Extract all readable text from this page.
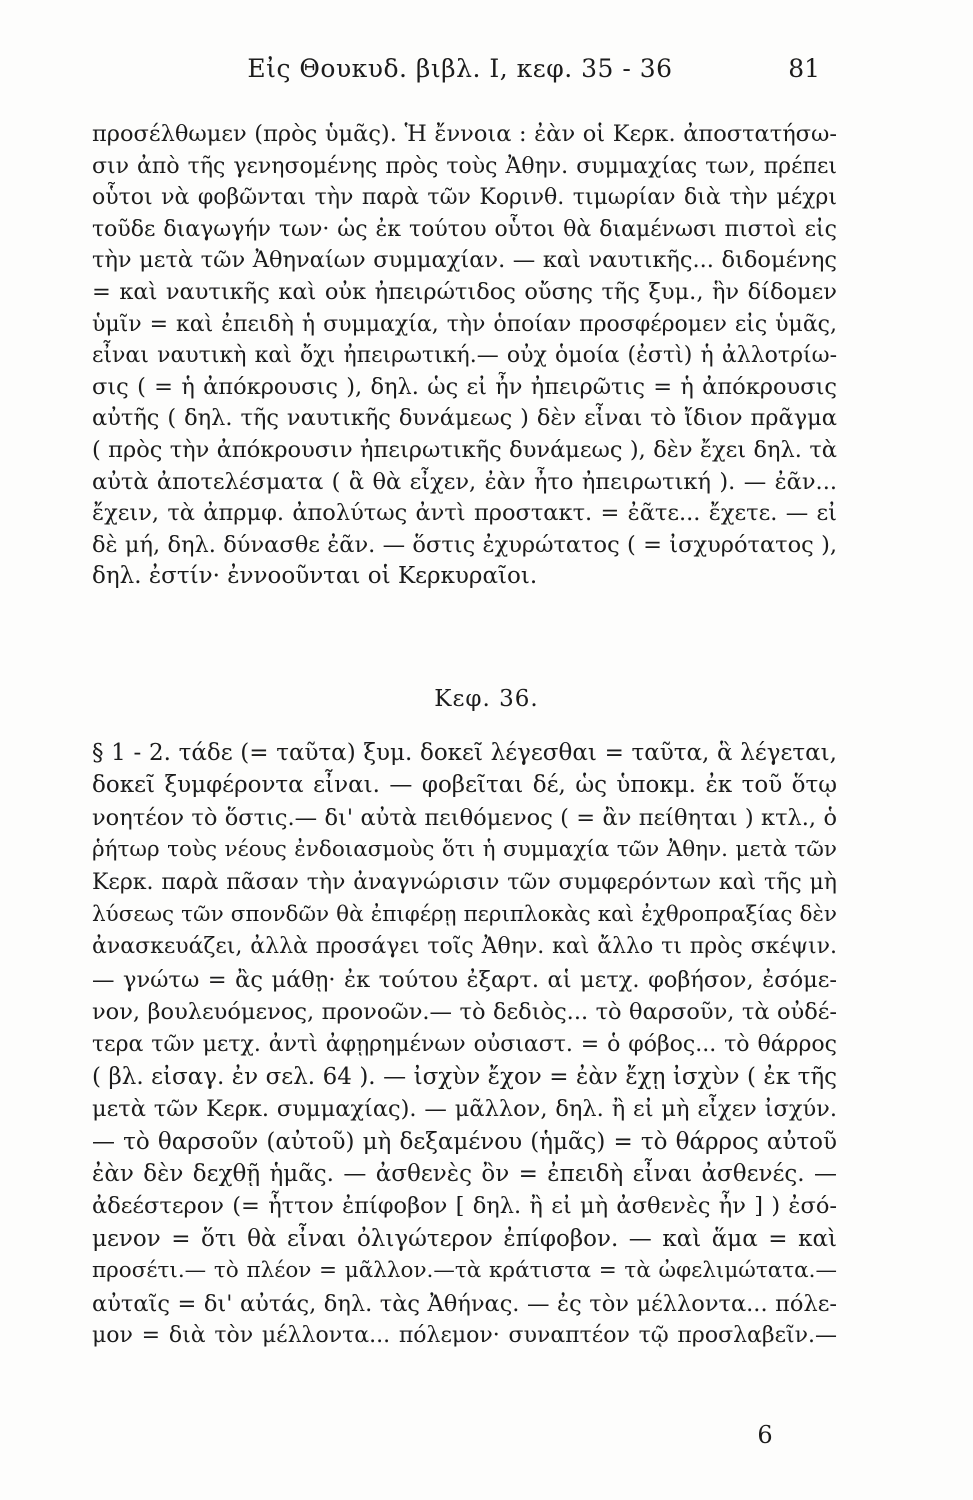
Εἰς Θουκυδ. βιβλ. Ι, κεφ. 35 - 36	81
προσέλθωμεν (πρὸς ὑμᾶς). Ἡ ἔννοια : ἐὰν οἱ Κερκ. ἀποστατήσω-
σιν ἀπὸ τῆς γενησομένης πρὸς τοὺς Ἀθην. συμμαχίας των, πρέπει
οὗτοι νὰ φοβῶνται τὴν παρὰ τῶν Κορινθ. τιμωρίαν διὰ τὴν μέχρι
τοῦδε διαγωγήν των· ὡς ἐκ τούτου οὗτοι θὰ διαμένωσι πιστοὶ εἰς
τὴν μετὰ τῶν Ἀθηναίων συμμαχίαν. — καὶ ναυτικῆς... διδομένης
= καὶ ναυτικῆς καὶ οὐκ ἠπειρώτιδος οὔσης τῆς ξυμ., ἣν δίδομεν
ὑμῖν = καὶ ἐπειδὴ ἡ συμμαχία, τὴν ὁποίαν προσφέρομεν εἰς ὑμᾶς,
εἶναι ναυτικὴ καὶ ὄχι ἠπειρωτική.— οὐχ ὁμοία (ἐστὶ) ἡ ἀλλοτρίω-
σις ( = ἡ ἀπόκρουσις ), δηλ. ὡς εἰ ἦν ἠπειρῶτις = ἡ ἀπόκρουσις
αὐτῆς ( δηλ. τῆς ναυτικῆς δυνάμεως ) δὲν εἶναι τὸ ἴδιον πρᾶγμα
( πρὸς τὴν ἀπόκρουσιν ἠπειρωτικῆς δυνάμεως ), δὲν ἔχει δηλ. τὰ
αὐτὰ ἀποτελέσματα ( ἃ θὰ εἶχεν, ἐὰν ἦτο ἠπειρωτική ). — ἐᾶν...
ἔχειν, τὰ ἀπρμφ. ἀπολύτως ἀντὶ προστακτ. = ἐᾶτε... ἔχετε. — εἰ
δὲ μή, δηλ. δύνασθε ἐᾶν. — ὅστις ἐχυρώτατος ( = ἰσχυρότατος ),
δηλ. ἐστίν· ἐννοοῦνται οἱ Κερκυραῖοι.
Κεφ. 36.
§ 1 - 2. τάδε (= ταῦτα) ξυμ. δοκεῖ λέγεσθαι = ταῦτα, ἃ λέγεται,
δοκεῖ ξυμφέροντα εἶναι. — φοβεῖται δέ, ὡς ὑποκμ. ἐκ τοῦ ὅτῳ
νοητέον τὸ ὅστις.— δι' αὐτὰ πειθόμενος ( = ἂν πείθηται ) κτλ., ὁ
ῥήτωρ τοὺς νέους ἐνδοιασμοὺς ὅτι ἡ συμμαχία τῶν Ἀθην. μετὰ τῶν
Κερκ. παρὰ πᾶσαν τὴν ἀναγνώρισιν τῶν συμφερόντων καὶ τῆς μὴ
λύσεως τῶν σπονδῶν θὰ ἐπιφέρῃ περιπλοκὰς καὶ ἐχθροπραξίας δὲν
ἀνασκευάζει, ἀλλὰ προσάγει τοῖς Ἀθην. καὶ ἄλλο τι πρὸς σκέψιν.
— γνώτω = ἂς μάθῃ· ἐκ τούτου ἐξαρτ. αἱ μετχ. φοβήσον, ἐσόμε-
νον, βουλευόμενος, προνοῶν.— τὸ δεδιὸς... τὸ θαρσοῦν, τὰ οὐδέ-
τερα τῶν μετχ. ἀντὶ ἀφῃρημένων οὐσιαστ. = ὁ φόβος... τὸ θάρρος
( βλ. εἰσαγ. ἐν σελ. 64 ). — ἰσχὺν ἔχον = ἐὰν ἔχῃ ἰσχὺν ( ἐκ τῆς
μετὰ τῶν Κερκ. συμμαχίας). — μᾶλλον, δηλ. ἢ εἰ μὴ εἶχεν ἰσχύν.
— τὸ θαρσοῦν (αὐτοῦ) μὴ δεξαμένου (ἡμᾶς) = τὸ θάρρος αὐτοῦ
ἐὰν δὲν δεχθῇ ἡμᾶς. — ἀσθενὲς ὂν = ἐπειδὴ εἶναι ἀσθενές. —
ἀδεέστερον (= ἧττον ἐπίφοβον [ δηλ. ἢ εἰ μὴ ἀσθενὲς ἦν ] ) ἐσό-
μενον = ὅτι θὰ εἶναι ὀλιγώτερον ἐπίφοβον. — καὶ ἅμα = καὶ
προσέτι.— τὸ πλέον = μᾶλλον.—τὰ κράτιστα = τὰ ὠφελιμώτατα.—
αὐταῖς = δι' αὐτάς, δηλ. τὰς Ἀθήνας. — ἐς τὸν μέλλοντα... πόλε-
μον = διὰ τὸν μέλλοντα... πόλεμον· συναπτέον τῷ προσλαβεῖν.—
6
